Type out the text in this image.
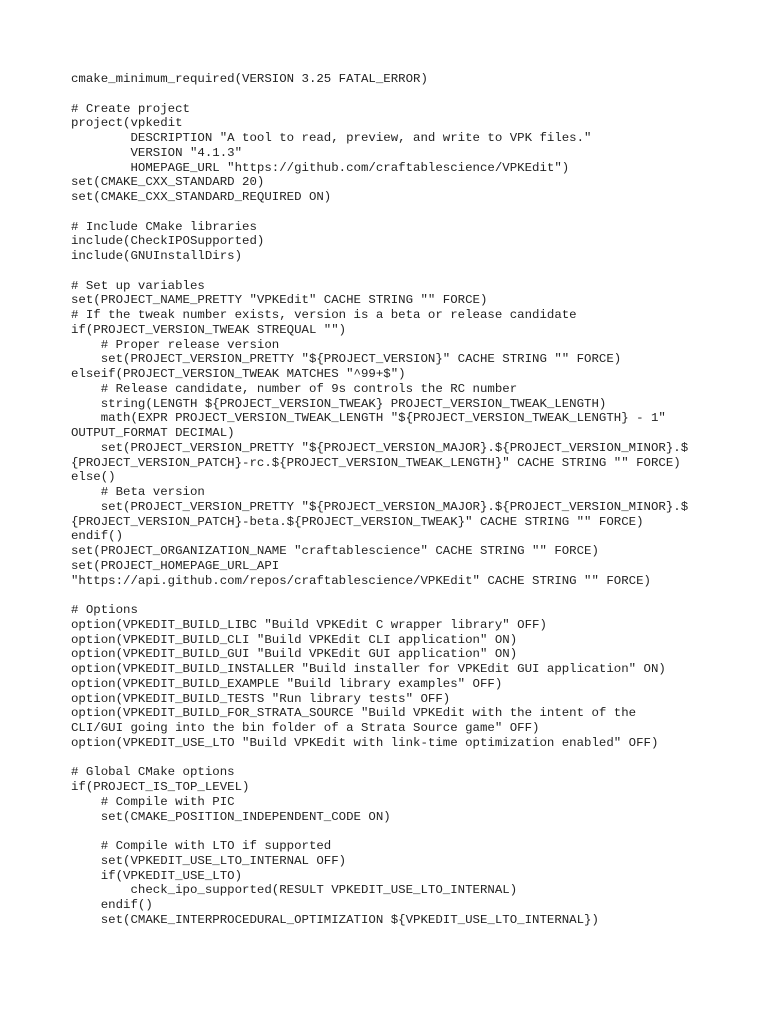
cmake_minimum_required(VERSION 3.25 FATAL_ERROR)
# Create project
project(vpkedit
DESCRIPTION "A tool to read, preview, and write to VPK files."
VERSION "4.1.3"
HOMEPAGE_URL "https://github.com/craftablescience/VPKEdit")
set(CMAKE_CXX_STANDARD 20)
set(CMAKE_CXX_STANDARD_REQUIRED ON)
# Include CMake libraries
include(CheckIPOSupported)
include(GNUInstallDirs)
# Set up variables
set(PROJECT_NAME_PRETTY "VPKEdit" CACHE STRING "" FORCE)
# If the tweak number exists, version is a beta or release candidate
if(PROJECT_VERSION_TWEAK STREQUAL "")
# Proper release version
set(PROJECT_VERSION_PRETTY "${PROJECT_VERSION}" CACHE STRING "" FORCE)
elseif(PROJECT_VERSION_TWEAK MATCHES "^99+$")
# Release candidate, number of 9s controls the RC number
string(LENGTH ${PROJECT_VERSION_TWEAK} PROJECT_VERSION_TWEAK_LENGTH)
math(EXPR PROJECT_VERSION_TWEAK_LENGTH "${PROJECT_VERSION_TWEAK_LENGTH} - 1"
OUTPUT_FORMAT DECIMAL)
set(PROJECT_VERSION_PRETTY "${PROJECT_VERSION_MAJOR}.${PROJECT_VERSION_MINOR}.$
{PROJECT_VERSION_PATCH}-rc.${PROJECT_VERSION_TWEAK_LENGTH}" CACHE STRING "" FORCE)
else()
# Beta version
set(PROJECT_VERSION_PRETTY "${PROJECT_VERSION_MAJOR}.${PROJECT_VERSION_MINOR}.$
{PROJECT_VERSION_PATCH}-beta.${PROJECT_VERSION_TWEAK}" CACHE STRING "" FORCE)
endif()
set(PROJECT_ORGANIZATION_NAME "craftablescience" CACHE STRING "" FORCE)
set(PROJECT_HOMEPAGE_URL_API
"https://api.github.com/repos/craftablescience/VPKEdit" CACHE STRING "" FORCE)
# Options
option(VPKEDIT_BUILD_LIBC "Build VPKEdit C wrapper library" OFF)
option(VPKEDIT_BUILD_CLI "Build VPKEdit CLI application" ON)
option(VPKEDIT_BUILD_GUI "Build VPKEdit GUI application" ON)
option(VPKEDIT_BUILD_INSTALLER "Build installer for VPKEdit GUI application" ON)
option(VPKEDIT_BUILD_EXAMPLE "Build library examples" OFF)
option(VPKEDIT_BUILD_TESTS "Run library tests" OFF)
option(VPKEDIT_BUILD_FOR_STRATA_SOURCE "Build VPKEdit with the intent of the
CLI/GUI going into the bin folder of a Strata Source game" OFF)
option(VPKEDIT_USE_LTO "Build VPKEdit with link-time optimization enabled" OFF)
# Global CMake options
if(PROJECT_IS_TOP_LEVEL)
# Compile with PIC
set(CMAKE_POSITION_INDEPENDENT_CODE ON)
# Compile with LTO if supported
set(VPKEDIT_USE_LTO_INTERNAL OFF)
if(VPKEDIT_USE_LTO)
check_ipo_supported(RESULT VPKEDIT_USE_LTO_INTERNAL)
endif()
set(CMAKE_INTERPROCEDURAL_OPTIMIZATION ${VPKEDIT_USE_LTO_INTERNAL})
